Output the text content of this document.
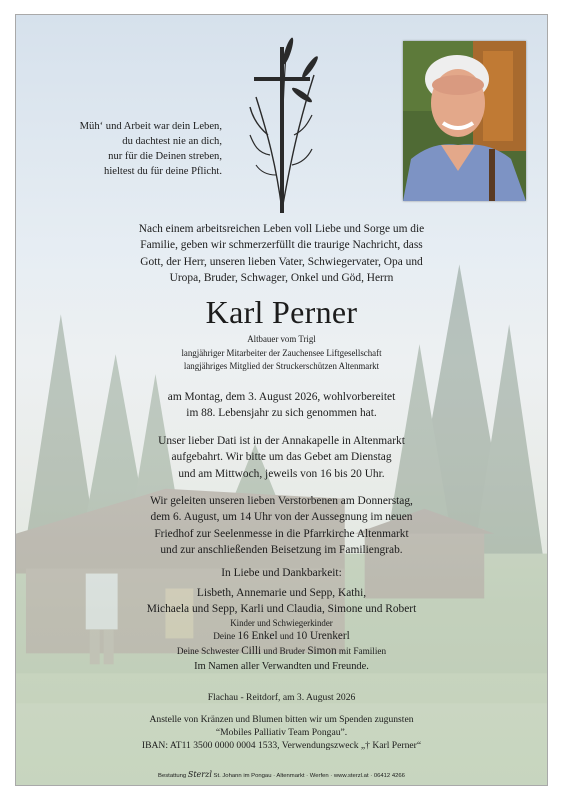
Müh‘ und Arbeit war dein Leben,
du dachtest nie an dich,
nur für die Deinen streben,
hieltest du für deine Pflicht.
Nach einem arbeitsreichen Leben voll Liebe und Sorge um die
Familie, geben wir schmerzerfüllt die traurige Nachricht, dass
Gott, der Herr, unseren lieben Vater, Schwiegervater, Opa und
Uropa, Bruder, Schwager, Onkel und Göd, Herrn
Karl Perner
Altbauer vom Trigl
langjähriger Mitarbeiter der Zauchensee Liftgesellschaft
langjähriges Mitglied der Struckerschützen Altenmarkt
am Montag, dem 3. August 2026, wohlvorbereitet
im 88. Lebensjahr zu sich genommen hat.
Unser lieber Dati ist in der Annakapelle in Altenmarkt
aufgebahrt. Wir bitte um das Gebet am Dienstag
und am Mittwoch, jeweils von 16 bis 20 Uhr.
Wir geleiten unseren lieben Verstorbenen am Donnerstag,
dem 6. August, um 14 Uhr von der Aussegnung im neuen
Friedhof zur Seelenmesse in die Pfarrkirche Altenmarkt
und zur anschließenden Beisetzung im Familiengrab.
In Liebe und Dankbarkeit:
Lisbeth, Annemarie und Sepp, Kathi,
Michaela und Sepp, Karli und Claudia, Simone und Robert
Kinder und Schwiegerkinder
Deine 16 Enkel und 10 Urenkerl
Deine Schwester Cilli und Bruder Simon mit Familien
Im Namen aller Verwandten und Freunde.
Flachau - Reitdorf, am 3. August 2026
Anstelle von Kränzen und Blumen bitten wir um Spenden zugunsten
“Mobiles Palliativ Team Pongau”.
IBAN: AT11 3500 0000 0004 1533, Verwendungszweck „† Karl Perner“
Bestattung Sterzl St. Johann im Pongau · Altenmarkt · Werfen · www.sterzl.at · 06412 4266
